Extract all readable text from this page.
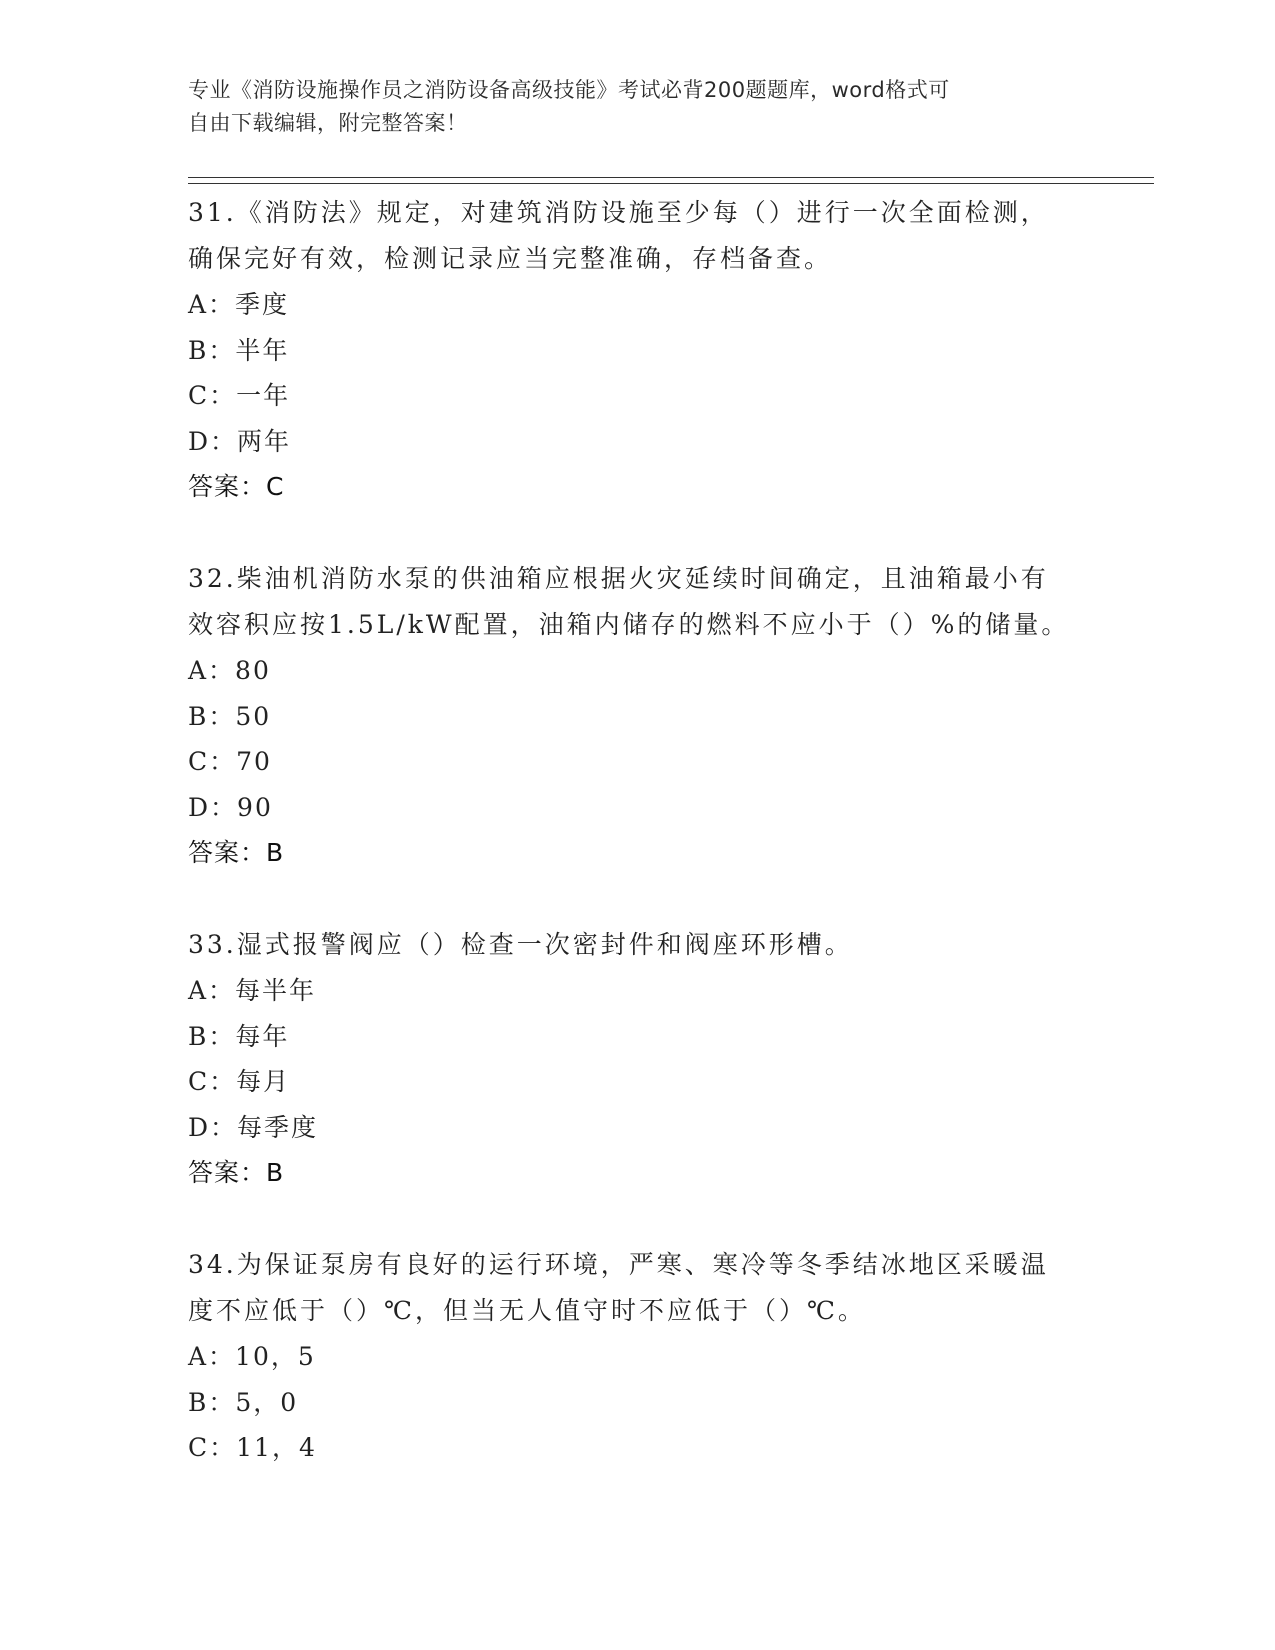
专业《消防设施操作员之消防设备高级技能》考试必背200题题库，word格式可
自由下载编辑，附完整答案！
31.《消防法》规定，对建筑消防设施至少每（）进行一次全面检测，
确保完好有效，检测记录应当完整准确，存档备查。
A：季度
B：半年
C：一年
D：两年
答案：C
32.柴油机消防水泵的供油箱应根据火灾延续时间确定，且油箱最小有
效容积应按1.5L/kW配置，油箱内储存的燃料不应小于（）%的储量。
A：80
B：50
C：70
D：90
答案：B
33.湿式报警阀应（）检查一次密封件和阀座环形槽。
A：每半年
B：每年
C：每月
D：每季度
答案：B
34.为保证泵房有良好的运行环境，严寒、寒冷等冬季结冰地区采暖温
度不应低于（）℃，但当无人值守时不应低于（）℃。
A：10，5
B：5，0
C：11，4
